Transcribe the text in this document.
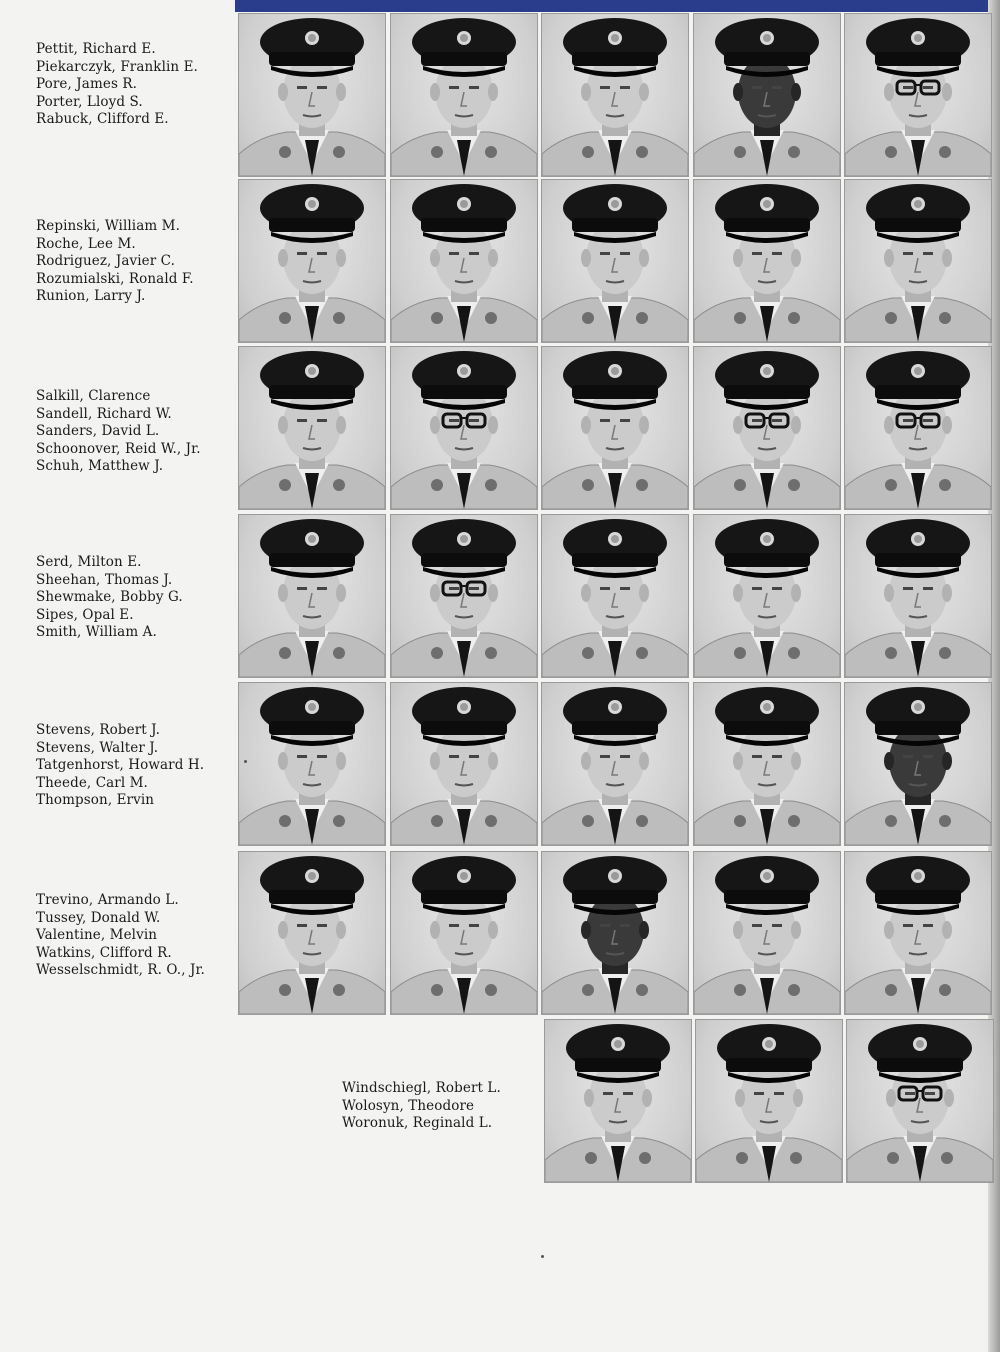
Pettit, Richard E.
Piekarczyk, Franklin E.
Pore, James R.
Porter, Lloyd S.
Rabuck, Clifford E.
Repinski, William M.
Roche, Lee M.
Rodriguez, Javier C.
Rozumialski, Ronald F.
Runion, Larry J.
Salkill, Clarence
Sandell, Richard W.
Sanders, David L.
Schoonover, Reid W., Jr.
Schuh, Matthew J.
Serd, Milton E.
Sheehan, Thomas J.
Shewmake, Bobby G.
Sipes, Opal E.
Smith, William A.
Stevens, Robert J.
Stevens, Walter J.
Tatgenhorst, Howard H.
Theede, Carl M.
Thompson, Ervin
Trevino, Armando L.
Tussey, Donald W.
Valentine, Melvin
Watkins, Clifford R.
Wesselschmidt, R. O., Jr.
Windschiegl, Robert L.
Wolosyn, Theodore
Woronuk, Reginald L.
